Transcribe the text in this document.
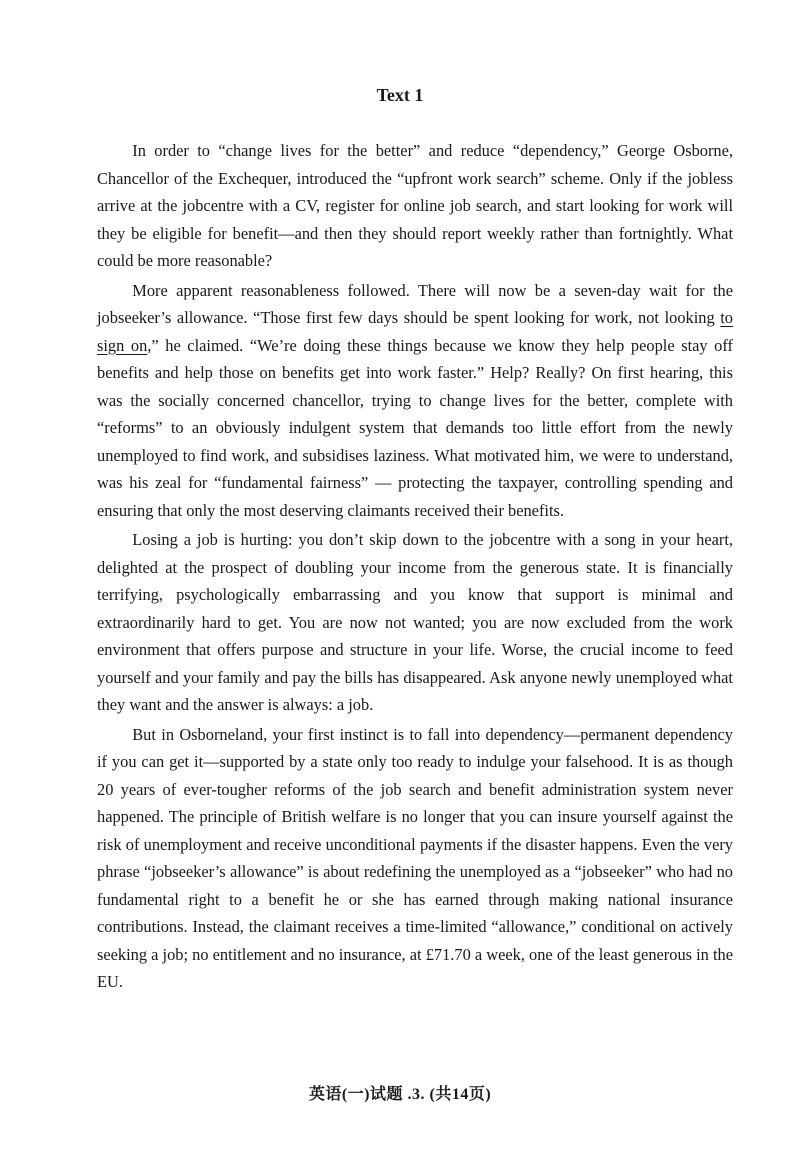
Text 1

In order to “change lives for the better” and reduce “dependency,” George Osborne, Chancellor of the Exchequer, introduced the “upfront work search” scheme. Only if the jobless arrive at the jobcentre with a CV, register for online job search, and start looking for work will they be eligible for benefit—and then they should report weekly rather than fortnightly. What could be more reasonable?

More apparent reasonableness followed. There will now be a seven-day wait for the jobseeker’s allowance. “Those first few days should be spent looking for work, not looking to sign on,” he claimed. “We’re doing these things because we know they help people stay off benefits and help those on benefits get into work faster.” Help? Really? On first hearing, this was the socially concerned chancellor, trying to change lives for the better, complete with “reforms” to an obviously indulgent system that demands too little effort from the newly unemployed to find work, and subsidises laziness. What motivated him, we were to understand, was his zeal for “fundamental fairness” — protecting the taxpayer, controlling spending and ensuring that only the most deserving claimants received their benefits.

Losing a job is hurting: you don’t skip down to the jobcentre with a song in your heart, delighted at the prospect of doubling your income from the generous state. It is financially terrifying, psychologically embarrassing and you know that support is minimal and extraordinarily hard to get. You are now not wanted; you are now excluded from the work environment that offers purpose and structure in your life. Worse, the crucial income to feed yourself and your family and pay the bills has disappeared. Ask anyone newly unemployed what they want and the answer is always: a job.

But in Osborneland, your first instinct is to fall into dependency—permanent dependency if you can get it—supported by a state only too ready to indulge your falsehood. It is as though 20 years of ever-tougher reforms of the job search and benefit administration system never happened. The principle of British welfare is no longer that you can insure yourself against the risk of unemployment and receive unconditional payments if the disaster happens. Even the very phrase “jobseeker’s allowance” is about redefining the unemployed as a “jobseeker” who had no fundamental right to a benefit he or she has earned through making national insurance contributions. Instead, the claimant receives a time-limited “allowance,” conditional on actively seeking a job; no entitlement and no insurance, at £71.70 a week, one of the least generous in the EU.

英语(一)试题 .3. (共14页)
